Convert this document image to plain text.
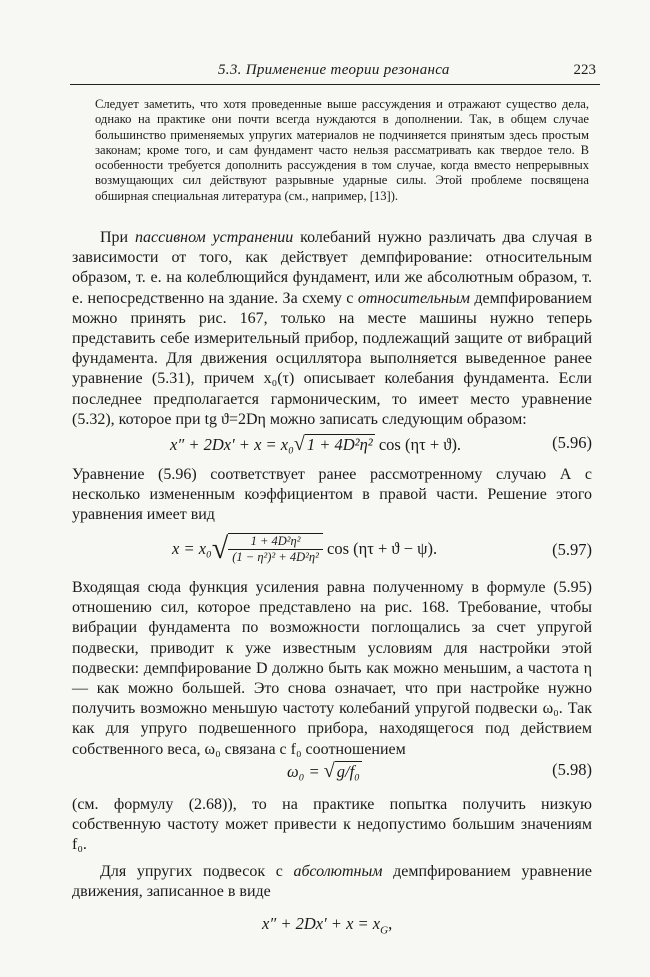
5.3. Применение теории резонанса	223
Следует заметить, что хотя проведенные выше рассуждения и отражают существо дела, однако на практике они почти всегда нуждаются в дополнении. Так, в общем случае большинство применяемых упругих материалов не подчиняется принятым здесь простым законам; кроме того, и сам фундамент часто нельзя рассматривать как твердое тело. В особенности требуется дополнить рассуждения в том случае, когда вместо непрерывных возмущающих сил действуют разрывные ударные силы. Этой проблеме посвящена обширная специальная литература (см., например, [13]).

При пассивном устранении колебаний нужно различать два случая в зависимости от того, как действует демпфирование: относительным образом, т. е. на колеблющийся фундамент, или же абсолютным образом, т. е. непосредственно на здание. За схему с относительным демпфированием можно принять рис. 167, только на месте машины нужно теперь представить себе измерительный прибор, подлежащий защите от вибраций фундамента. Для движения осциллятора выполняется выведенное ранее уравнение (5.31), причем x₀(τ) описывает колебания фундамента. Если последнее предполагается гармоническим, то имеет место уравнение (5.32), которое при tg ϑ=2Dη можно записать следующим образом:

x″ + 2Dx′ + x = x₀√ 1 + 4D²η² cos (ητ + ϑ).	(5.96)

Уравнение (5.96) соответствует ранее рассмотренному случаю А с несколько измененным коэффициентом в правой части. Решение этого уравнения имеет вид

$x = x_0√ \frac{\text{1 + 4D²η²}}{\text{(1 − η²)² + 4D²η²}}$ cos (ητ + ϑ − ψ).	(5.97)

Входящая сюда функция усиления равна полученному в формуле (5.95) отношению сил, которое представлено на рис. 168. Требование, чтобы вибрации фундамента по возможности поглощались за счет упругой подвески, приводит к уже известным условиям для настройки этой подвески: демпфирование D должно быть как можно меньшим, а частота η — как можно большей. Это снова означает, что при настройке нужно получить возможно меньшую частоту колебаний упругой подвески ω₀. Так как для упруго подвешенного прибора, находящегося под действием собственного веса, ω₀ связана с f₀ соотношением

ω₀ = √ g/f₀	(5.98)

(см. формулу (2.68)), то на практике попытка получить низкую собственную частоту может привести к недопустимо большим значениям f₀.

Для упругих подвесок с абсолютным демпфированием уравнение движения, записанное в виде

$x'' + 2Dx' + x = x_G$,
